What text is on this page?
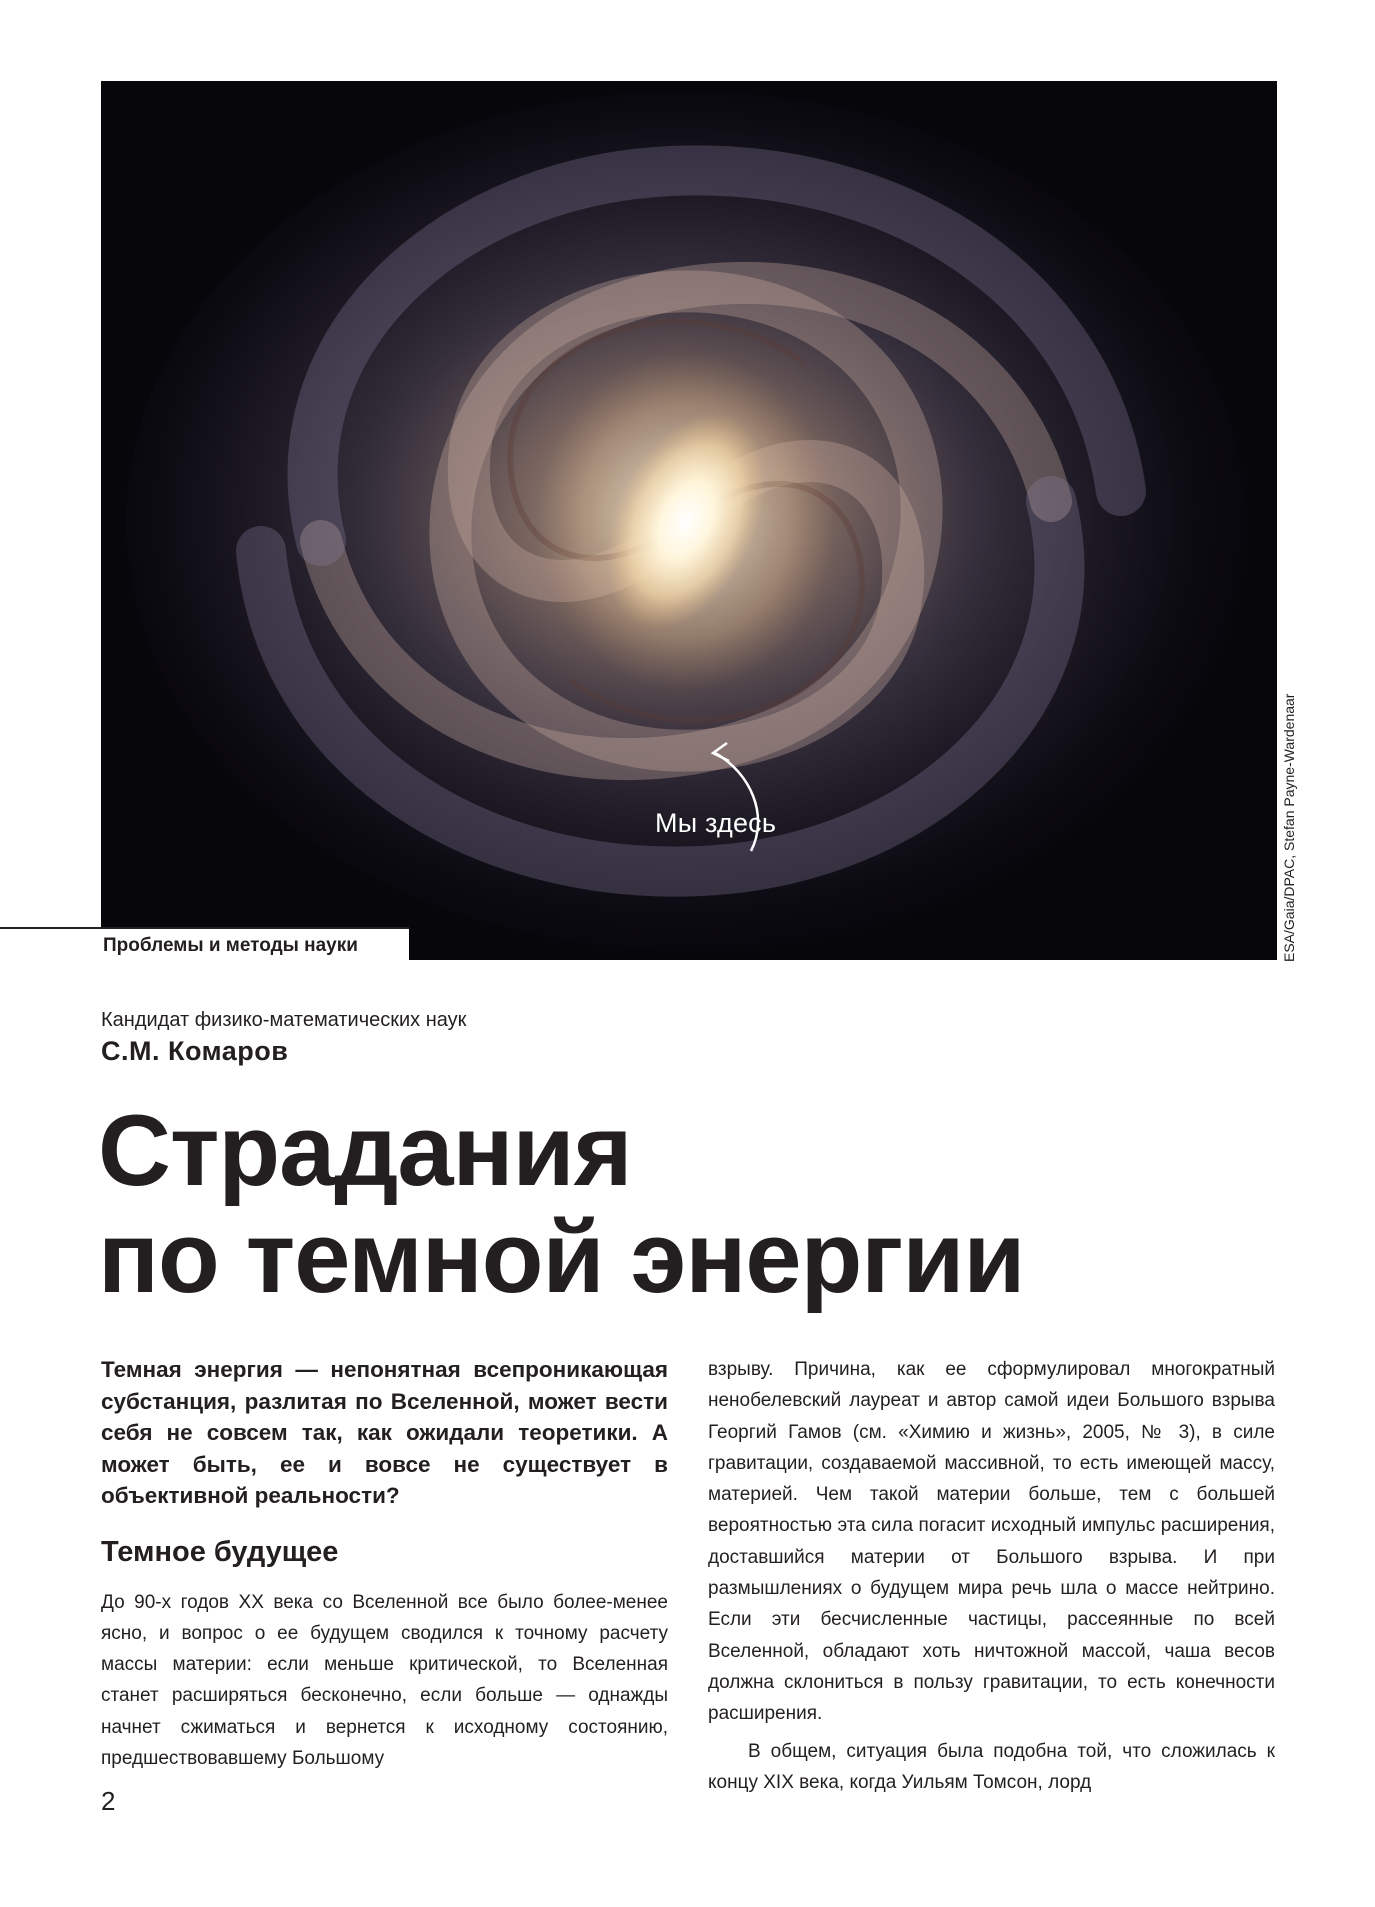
Мы здесь	ESA/Gaia/DPAC, Stefan Payne-Wardenaar
Проблемы и методы науки
Кандидат физико-математических наук
С.М. Комаров
Страдания
по темной энергии

Темная энергия — непонятная всепроникающая субстанция, разлитая по Вселенной, может вести себя не совсем так, как ожидали теоретики. А может быть, ее и вовсе не существует в объективной реальности?

Темное будущее

До 90-х годов XX века со Вселенной все было более-менее ясно, и вопрос о ее будущем сводился к точному расчету массы материи: если меньше критической, то Вселенная станет расширяться бесконечно, если больше — однажды начнет сжиматься и вернется к исходному состоянию, предшествовавшему Большому

взрыву. Причина, как ее сформулировал многократный ненобелевский лауреат и автор самой идеи Большого взрыва Георгий Гамов (см. «Химию и жизнь», 2005, № 3), в силе гравитации, создаваемой массивной, то есть имеющей массу, материей. Чем такой материи больше, тем с большей вероятностью эта сила погасит исходный импульс расширения, доставшийся материи от Большого взрыва. И при размышлениях о будущем мира речь шла о массе нейтрино. Если эти бесчисленные частицы, рассеянные по всей Вселенной, обладают хоть ничтожной массой, чаша весов должна склониться в пользу гравитации, то есть конечности расширения.

В общем, ситуация была подобна той, что сложилась к концу XIX века, когда Уильям Томсон, лорд

2
